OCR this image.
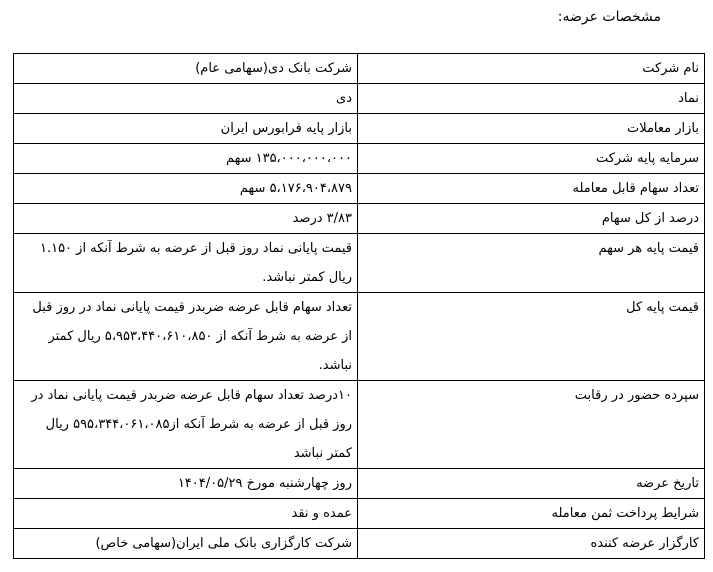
مشخصات عرضه:
نام شرکت	شرکت بانک دی(سهامی عام)
نماد	دی
بازار معاملات	بازار پایه فرابورس ایران
سرمایه پایه شرکت	۱۳۵،۰۰۰،۰۰۰،۰۰۰ سهم
تعداد سهام قابل معامله	۵،۱۷۶،۹۰۴،۸۷۹ سهم
درصد از کل سهام	۳/۸۳ درصد
قیمت پایه هر سهم	قیمت پایانی نماد روز قبل از عرضه به شرط آنکه از ۱.۱۵۰ ریال کمتر نباشد.
قیمت پایه کل	تعداد سهام قابل عرضه ضربدر قیمت پایانی نماد در روز قبل از عرضه به شرط آنکه از ۵،۹۵۳،۴۴۰،۶۱۰،۸۵۰ ریال کمتر نباشد.
سپرده حضور در رقابت	۱۰درصد تعداد سهام قابل عرضه ضربدر قیمت پایانی نماد در روز قبل از عرضه به شرط آنکه از۵۹۵،۳۴۴،۰۶۱،۰۸۵ ریال کمتر نباشد
تاریخ عرضه	روز چهارشنبه مورخ ۱۴۰۴/۰۵/۲۹
شرایط پرداخت ثمن معامله	عمده و نقد
کارگزار عرضه کننده	شرکت کارگزاری بانک ملی ایران(سهامی خاص)
